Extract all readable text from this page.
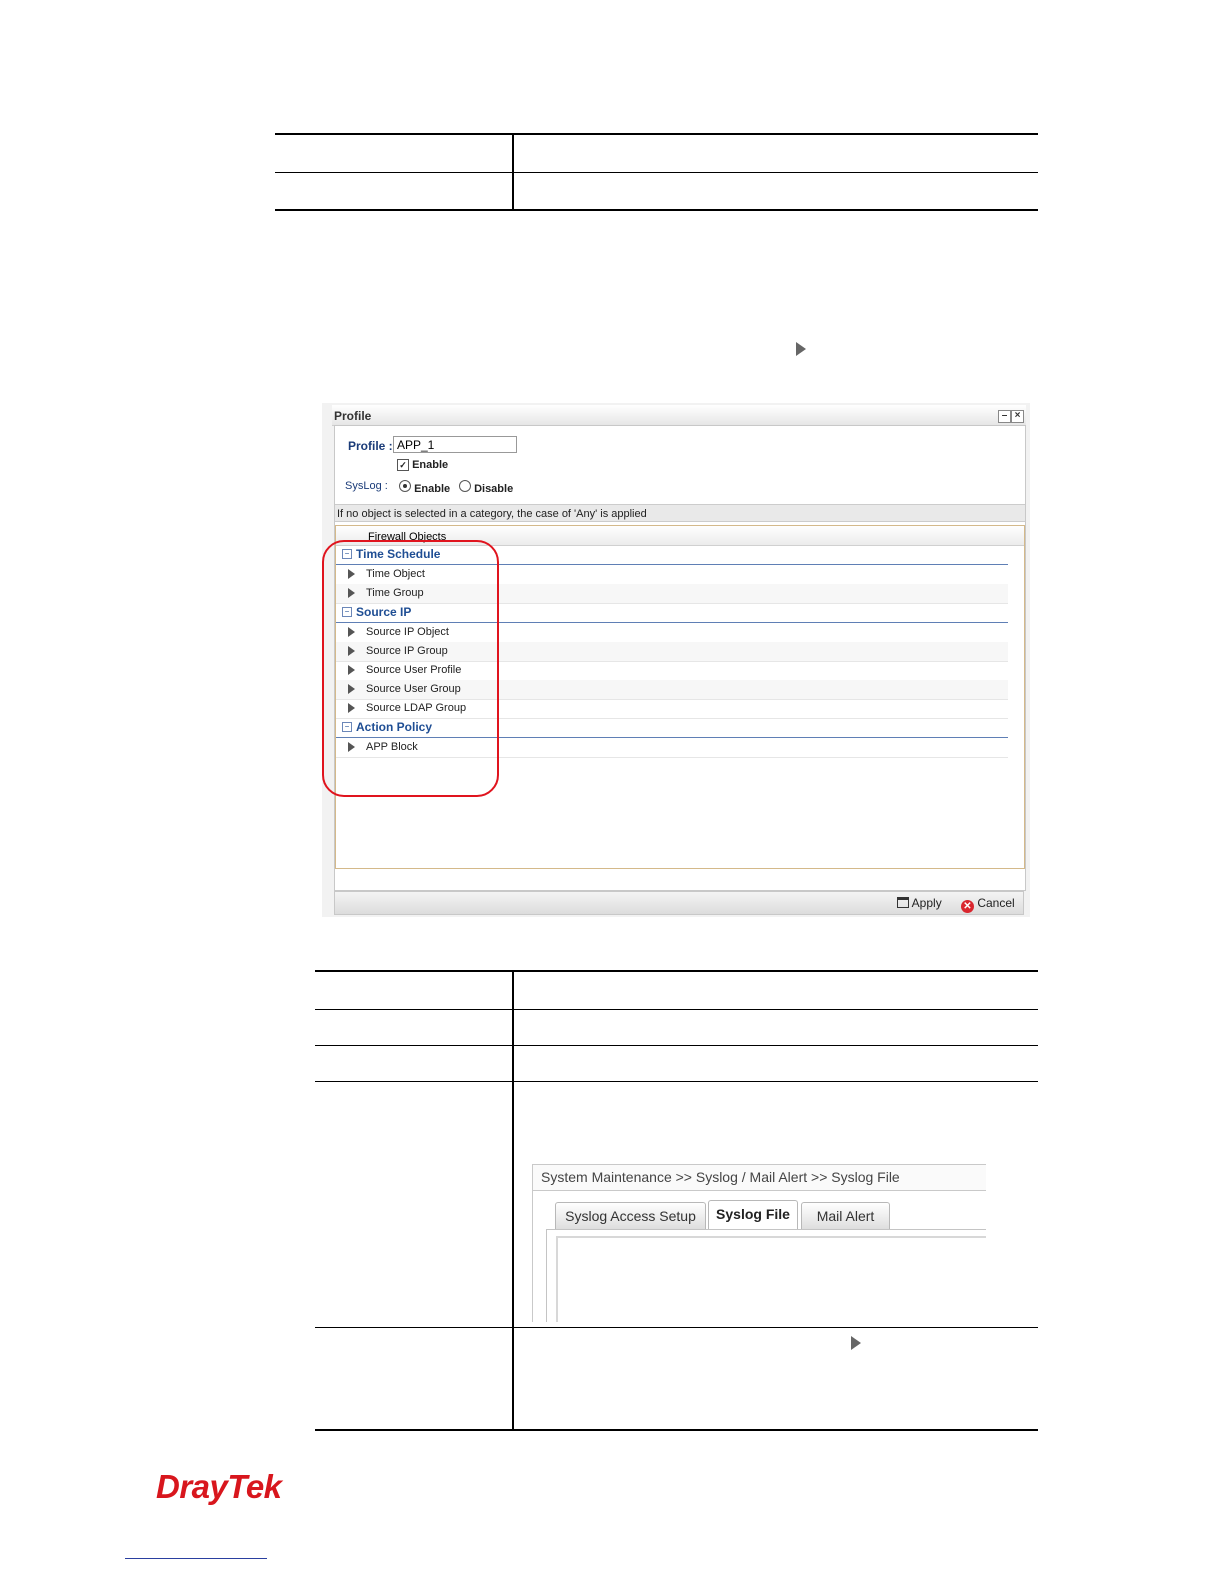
Profile	– ×
Profile : APP_1
✓ Enable
SysLog :	Enable	Disable
If no object is selected in a category, the case of 'Any' is applied
Firewall Objects
− Time Schedule
Time Object
Time Group
− Source IP
Source IP Object
Source IP Group
Source User Profile
Source User Group
Source LDAP Group
− Action Policy
APP Block
Apply ✕ Cancel

System Maintenance >> Syslog / Mail Alert >> Syslog File
Syslog Access Setup	Syslog File	Mail Alert
DrayTek
